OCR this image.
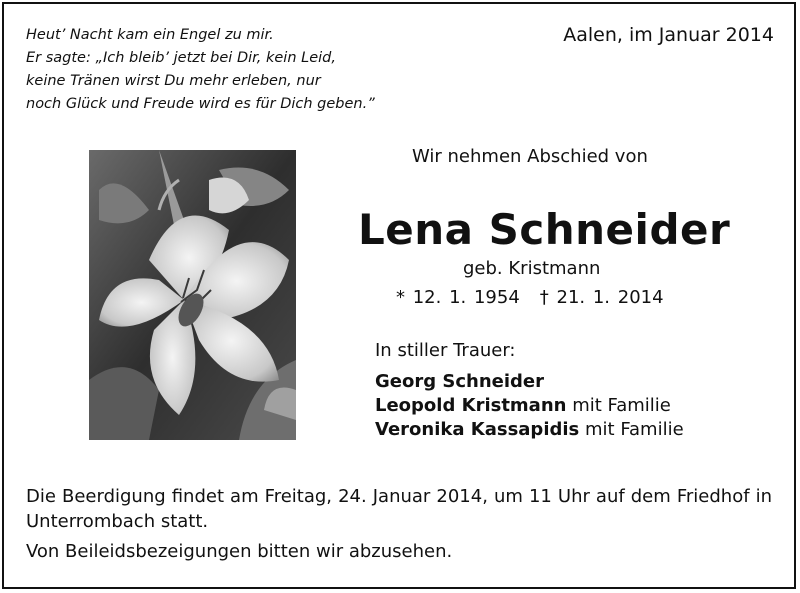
Heut’ Nacht kam ein Engel zu mir.
Er sagte: „Ich bleib’ jetzt bei Dir, kein Leid,
keine Tränen wirst Du mehr erleben, nur
noch Glück und Freude wird es für Dich geben.”
Aalen, im Januar 2014
Wir nehmen Abschied von
Lena Schneider
geb. Kristmann
* 12. 1. 1954 † 21. 1. 2014
In stiller Trauer:
Georg Schneider
Leopold Kristmann mit Familie
Veronika Kassapidis mit Familie
Die Beerdigung findet am Freitag, 24. Januar 2014, um 11 Uhr auf dem Friedhof in Unterrombach statt.
Von Beileidsbezeigungen bitten wir abzusehen.
